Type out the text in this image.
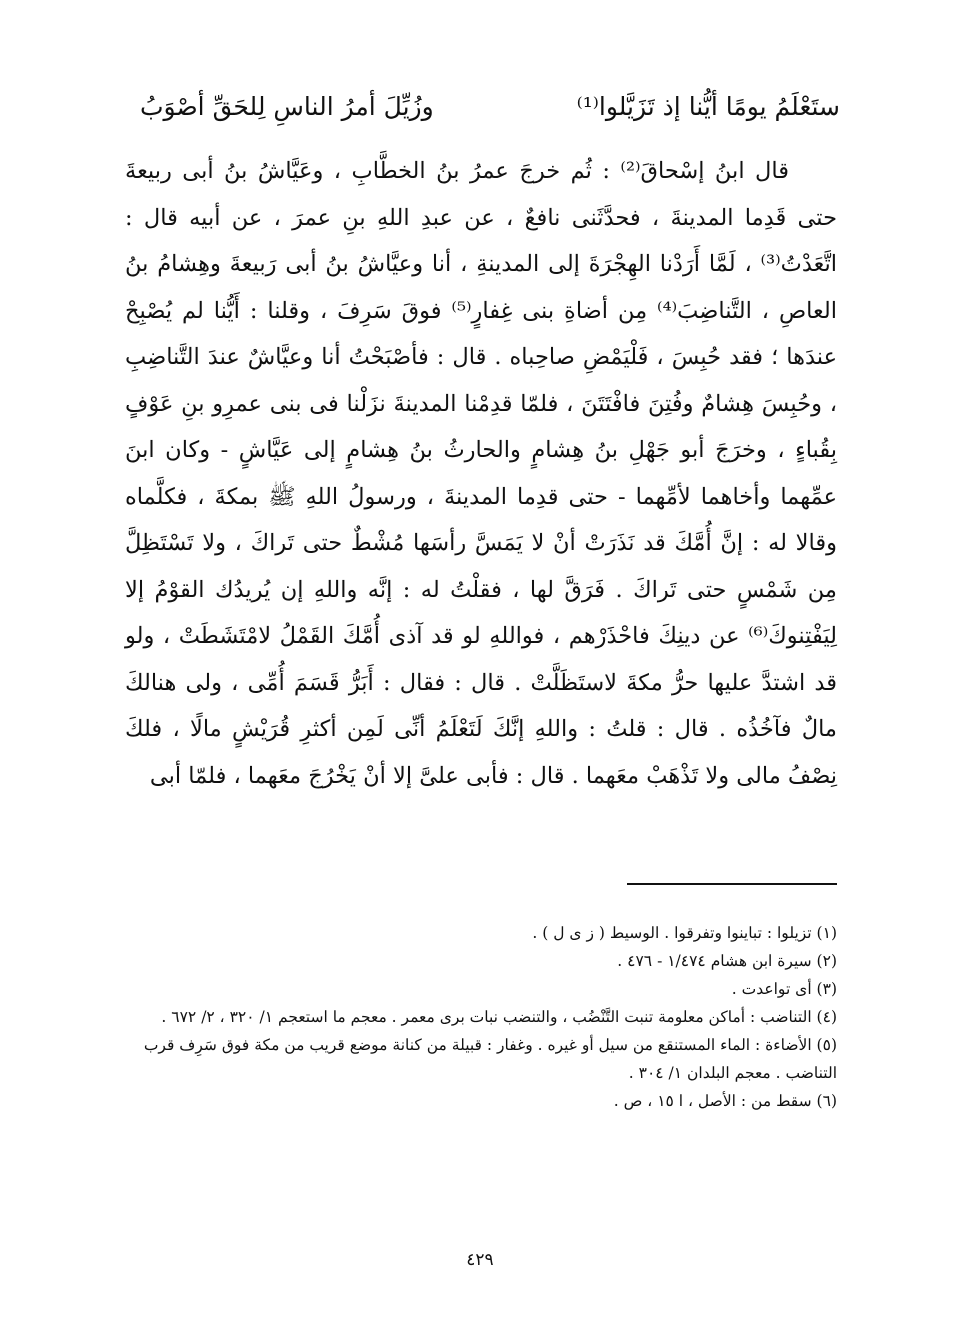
ستَعْلَمُ يومًا أيُّنا إذ تَزَيَّلوا⁽¹⁾
وزُيِّلَ أمرُ الناسِ لِلحَقِّ أصْوَبُ

قال ابنُ إسْحاقَ⁽²⁾ : ثُم خرجَ عمرُ بنُ الخطَّابِ ، وعَيَّاشُ بنُ أبى ربيعةَ حتى قَدِما المدينةَ ، فحدَّثَنى نافعٌ ، عن عبدِ اللهِ بنِ عمرَ ، عن أبيه قال : اتَّعَدْتُ⁽³⁾ ، لَمَّا أَرَدْنا الهِجْرَةَ إلى المدينةِ ، أنا وعيَّاشُ بنُ أبى رَبيعةَ وهِشامُ بنُ العاصِ ، التَّناضِبَ⁽⁴⁾ مِن أضاةِ بنى غِفارٍ⁽⁵⁾ فوقَ سَرِفَ ، وقلنا : أَيُّنا لم يُصْبِحْ عندَها ؛ فقد حُبِسَ ، فَلْيَمْضِ صاحِباه . قال : فأصْبَحْتُ أنا وعيَّاشٌ عندَ التَّناضِبِ ، وحُبِسَ هِشامٌ وفُتِنَ فافْتَتَنَ ، فلمّا قدِمْنا المدينةَ نزَلْنا فى بنى عمرِو بنِ عَوْفٍ بِقُباءٍ ، وخرَجَ أبو جَهْلِ بنُ هِشامٍ والحارثُ بنُ هِشامٍ إلى عَيَّاشٍ - وكان ابنَ عمِّهما وأخاهما لأمِّهما - حتى قدِما المدينةَ ، ورسولُ اللهِ ﷺ بمكةَ ، فكلَّماه وقالا له : إنَّ أُمَّكَ قد نَذَرَتْ أنْ لا يَمَسَّ رأسَها مُشْطٌ حتى تَراكَ ، ولا تَسْتَظِلَّ مِن شَمْسٍ حتى تَراكَ . فَرَقَّ لها ، فقلْتُ له : إنَّه واللهِ إن يُريدُك القوْمُ إلا لِيَفْتِنوكَ⁽⁶⁾ عن دينِكَ فاحْذَرْهم ، فواللهِ لو قد آذى أُمَّكَ القَمْلُ لامْتَشَطَتْ ، ولو قد اشتدَّ عليها حرُّ مكةَ لاستَظَلَّتْ . قال : فقال : أَبَرُّ قَسَمَ أُمِّى ، ولى هنالكَ مالٌ فآخُذُه . قال : قلتُ : واللهِ إنَّكَ لَتَعْلَمُ أنِّى لَمِن أكثرِ قُرَيْشٍ مالًا ، فلكَ نِصْفُ مالى ولا تَذْهَبْ معَهما . قال : فأبى علىَّ إلا أنْ يَخْرُجَ معَهما ، فلمّا أبى

(١) تزيلوا : تباينوا وتفرقوا . الوسيط ( ز ى ل ) .
(٢) سيرة ابن هشام ١/٤٧٤ - ٤٧٦ .
(٣) أى تواعدت .
(٤) التناضب : أماكن معلومة تنبت التَّنْضُب ، والتنضب نبات برى معمر . معجم ما استعجم ١/ ٣٢٠ ، ٢/ ٦٧٢ .
(٥) الأضاءة : الماء المستنقع من سيل أو غيره . وغفار : قبيلة من كنانة موضع قريب من مكة فوق سَرِف قرب التناضب . معجم البلدان ١/ ٣٠٤ .
(٦) سقط من : الأصل ، ا ١٥ ، ص .
٤٢٩
